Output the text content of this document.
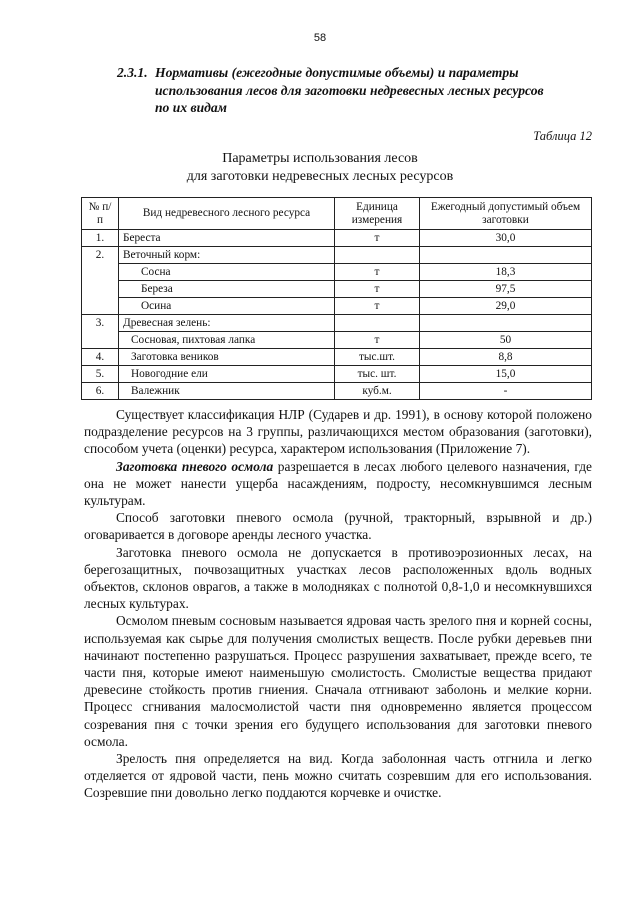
58
2.3.1. Нормативы (ежегодные допустимые объемы) и параметры
использования лесов для заготовки недревесных лесных ресурсов
по их видам
Таблица 12
Параметры использования лесов
для заготовки недревесных лесных ресурсов
№ п/п	Вид недревесного лесного ресурса	Единица измерения	Ежегодный допустимый объем заготовки
1.	Береста	т	30,0
2.	Веточный корм:		
	Сосна	т	18,3
	Береза	т	97,5
	Осина	т	29,0
3.	Древесная зелень:		
	Сосновая, пихтовая лапка	т	50
4.	Заготовка веников	тыс.шт.	8,8
5.	Новогодние ели	тыс. шт.	15,0
6.	Валежник	куб.м.	-

Существует классификация НЛР (Сударев и др. 1991), в основу которой положено подразделение ресурсов на 3 группы, различающихся местом образования (заготовки), способом учета (оценки) ресурса, характером использования (Приложение 7).

Заготовка пневого осмола разрешается в лесах любого целевого назначения, где она не может нанести ущерба насаждениям, подросту, несомкнувшимся лесным культурам.

Способ заготовки пневого осмола (ручной, тракторный, взрывной и др.) оговаривается в договоре аренды лесного участка.

Заготовка пневого осмола не допускается в противоэрозионных лесах, на берегозащитных, почвозащитных участках лесов расположенных вдоль водных объектов, склонов оврагов, а также в молодняках с полнотой 0,8-1,0 и несомкнувшихся лесных культурах.

Осмолом пневым сосновым называется ядровая часть зрелого пня и корней сосны, используемая как сырье для получения смолистых веществ. После рубки деревьев пни начинают постепенно разрушаться. Процесс разрушения захватывает, прежде всего, те части пня, которые имеют наименьшую смолистость. Смолистые вещества придают древесине стойкость против гниения. Сначала отгнивают заболонь и мелкие корни. Процесс сгнивания малосмолистой части пня одновременно является процессом созревания пня с точки зрения его будущего использования для заготовки пневого осмола.

Зрелость пня определяется на вид. Когда заболонная часть отгнила и легко отделяется от ядровой части, пень можно считать созревшим для его использования. Созревшие пни довольно легко поддаются корчевке и очистке.
